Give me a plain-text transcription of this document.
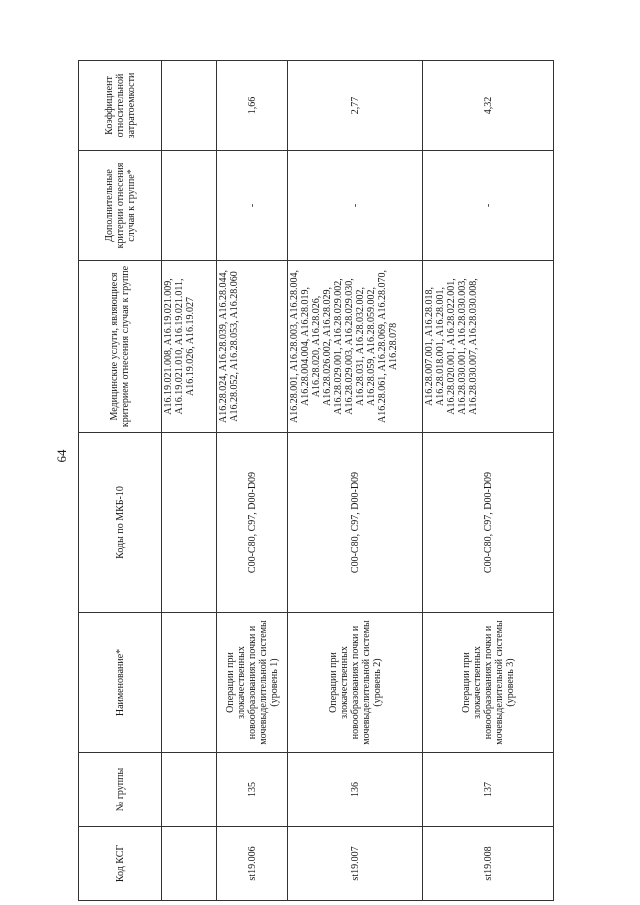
64
Код КСГ	№ группы	Наименование*	Коды по МКБ-10	Медицинские услуги, являющиеся критерием отнесения случая к группе	Дополнительные критерии отнесения случая к группе*	Коэффициент относительной затратоемкости
				A16.19.021.008, A16.19.021.009, A16.19.021.010, A16.19.021.011, A16.19.026, A16.19.027		
st19.006	135	Операции при злокачественных новообразованиях почки и мочевыделительной системы (уровень 1)	C00-C80, C97, D00-D09	A16.28.024, A16.28.039, A16.28.044, A16.28.052, A16.28.053, A16.28.060	-	1,66
st19.007	136	Операции при злокачественных новообразованиях почки и мочевыделительной системы (уровень 2)	C00-C80, C97, D00-D09	A16.28.001, A16.28.003, A16.28.004, A16.28.004.004, A16.28.019, A16.28.020, A16.28.026, A16.28.026.002, A16.28.029, A16.28.029.001, A16.28.029.002, A16.28.029.003, A16.28.029.030, A16.28.031, A16.28.032.002, A16.28.059, A16.28.059.002, A16.28.061, A16.28.069, A16.28.070, A16.28.078	-	2,77
st19.008	137	Операции при злокачественных новообразованиях почки и мочевыделительной системы (уровень 3)	C00-C80, C97, D00-D09	A16.28.007.001, A16.28.018, A16.28.018.001, A16.28.001, A16.28.020.001, A16.28.022.001, A16.28.030.001, A16.28.030.003, A16.28.030.007, A16.28.030.008,	-	4,32
